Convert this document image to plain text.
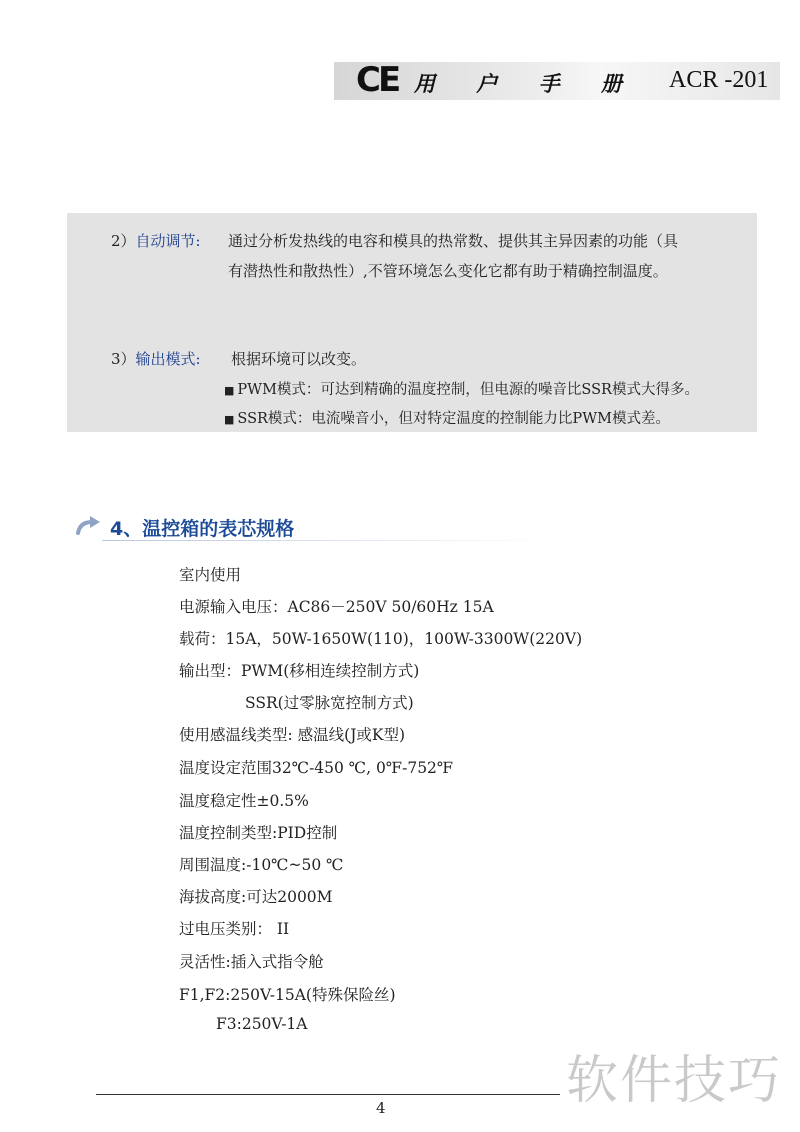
CE 用 户 手 册 ACR -201
2）自动调节: 通过分析发热线的电容和模具的热常数、提供其主异因素的功能（具
有潜热性和散热性）,不管环境怎么变化它都有助于精确控制温度。
3）输出模式: 根据环境可以改变。
■ PWM模式：可达到精确的温度控制，但电源的噪音比SSR模式大得多。
■ SSR模式：电流噪音小，但对特定温度的控制能力比PWM模式差。
4、温控箱的表芯规格
室内使用
电源输入电压：AC86－250V 50/60Hz 15A
载荷：15A，50W-1650W(110)，100W-3300W(220V)
输出型：PWM(移相连续控制方式)
SSR(过零脉宽控制方式)
使用感温线类型: 感温线(J或K型)
温度设定范围32℃-450 ℃, 0℉-752℉
温度稳定性±0.5%
温度控制类型:PID控制
周围温度:-10℃~50 ℃
海拔高度:可达2000M
过电压类别： II
灵活性:插入式指令舱
F1,F2:250V-15A(特殊保险丝)
F3:250V-1A
4	软件技巧
